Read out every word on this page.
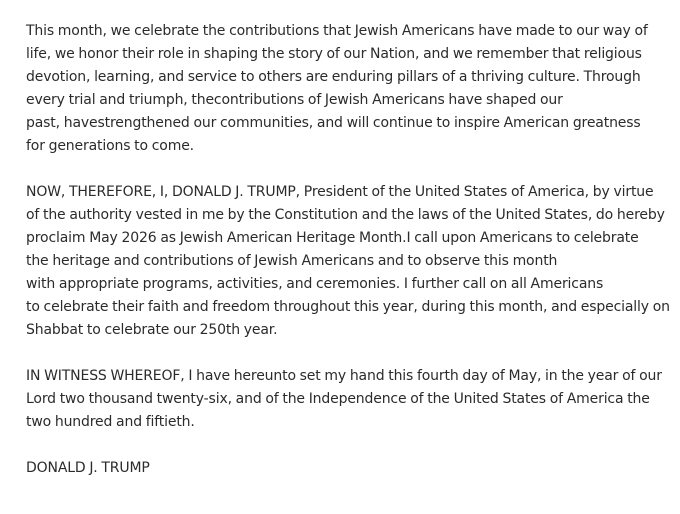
This month, we celebrate the contributions that Jewish Americans have made to our way of
life, we honor their role in shaping the story of our Nation, and we remember that religious
devotion, learning, and service to others are enduring pillars of a thriving culture. Through
every trial and triumph, thecontributions of Jewish Americans have shaped our
past, havestrengthened our communities, and will continue to inspire American greatness
for generations to come.

NOW, THEREFORE, I, DONALD J. TRUMP, President of the United States of America, by virtue
of the authority vested in me by the Constitution and the laws of the United States, do hereby
proclaim May 2026 as Jewish American Heritage Month.I call upon Americans to celebrate
the heritage and contributions of Jewish Americans and to observe this month
with appropriate programs, activities, and ceremonies. I further call on all Americans
to celebrate their faith and freedom throughout this year, during this month, and especially on
Shabbat to celebrate our 250th year.

IN WITNESS WHEREOF, I have hereunto set my hand this fourth day of May, in the year of our
Lord two thousand twenty-six, and of the Independence of the United States of America the
two hundred and fiftieth.

DONALD J. TRUMP
